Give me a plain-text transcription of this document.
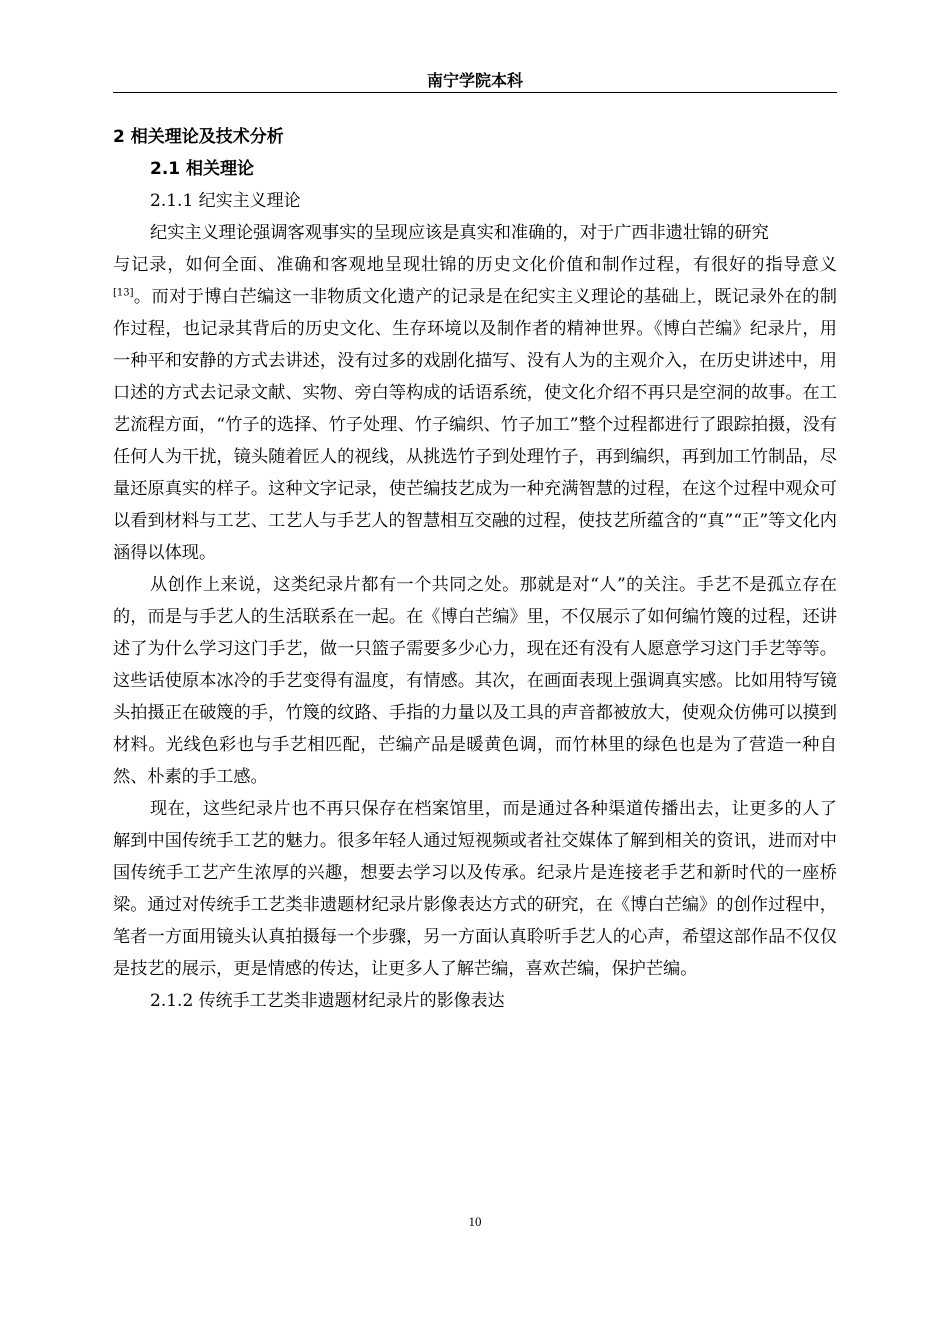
南宁学院本科
2 相关理论及技术分析
2.1 相关理论
2.1.1 纪实主义理论

纪实主义理论强调客观事实的呈现应该是真实和准确的，对于广西非遗壮锦的研究

与记录，如何全面、准确和客观地呈现壮锦的历史文化价值和制作过程，有很好的指导意义[13]。而对于博白芒编这一非物质文化遗产的记录是在纪实主义理论的基础上，既记录外在的制作过程，也记录其背后的历史文化、生存环境以及制作者的精神世界。《博白芒编》纪录片，用一种平和安静的方式去讲述，没有过多的戏剧化描写、没有人为的主观介入，在历史讲述中，用口述的方式去记录文献、实物、旁白等构成的话语系统，使文化介绍不再只是空洞的故事。在工艺流程方面，“竹子的选择、竹子处理、竹子编织、竹子加工”整个过程都进行了跟踪拍摄，没有任何人为干扰，镜头随着匠人的视线，从挑选竹子到处理竹子，再到编织，再到加工竹制品，尽量还原真实的样子。这种文字记录，使芒编技艺成为一种充满智慧的过程，在这个过程中观众可以看到材料与工艺、工艺人与手艺人的智慧相互交融的过程，使技艺所蕴含的“真”“正”等文化内涵得以体现。

从创作上来说，这类纪录片都有一个共同之处。那就是对“人”的关注。手艺不是孤立存在的，而是与手艺人的生活联系在一起。在《博白芒编》里，不仅展示了如何编竹篾的过程，还讲述了为什么学习这门手艺，做一只篮子需要多少心力，现在还有没有人愿意学习这门手艺等等。这些话使原本冰冷的手艺变得有温度，有情感。其次，在画面表现上强调真实感。比如用特写镜头拍摄正在破篾的手，竹篾的纹路、手指的力量以及工具的声音都被放大，使观众仿佛可以摸到材料。光线色彩也与手艺相匹配，芒编产品是暖黄色调，而竹林里的绿色也是为了营造一种自然、朴素的手工感。

现在，这些纪录片也不再只保存在档案馆里，而是通过各种渠道传播出去，让更多的人了解到中国传统手工艺的魅力。很多年轻人通过短视频或者社交媒体了解到相关的资讯，进而对中国传统手工艺产生浓厚的兴趣，想要去学习以及传承。纪录片是连接老手艺和新时代的一座桥梁。通过对传统手工艺类非遗题材纪录片影像表达方式的研究，在《博白芒编》的创作过程中，笔者一方面用镜头认真拍摄每一个步骤，另一方面认真聆听手艺人的心声，希望这部作品不仅仅是技艺的展示，更是情感的传达，让更多人了解芒编，喜欢芒编，保护芒编。

2.1.2 传统手工艺类非遗题材纪录片的影像表达
10
